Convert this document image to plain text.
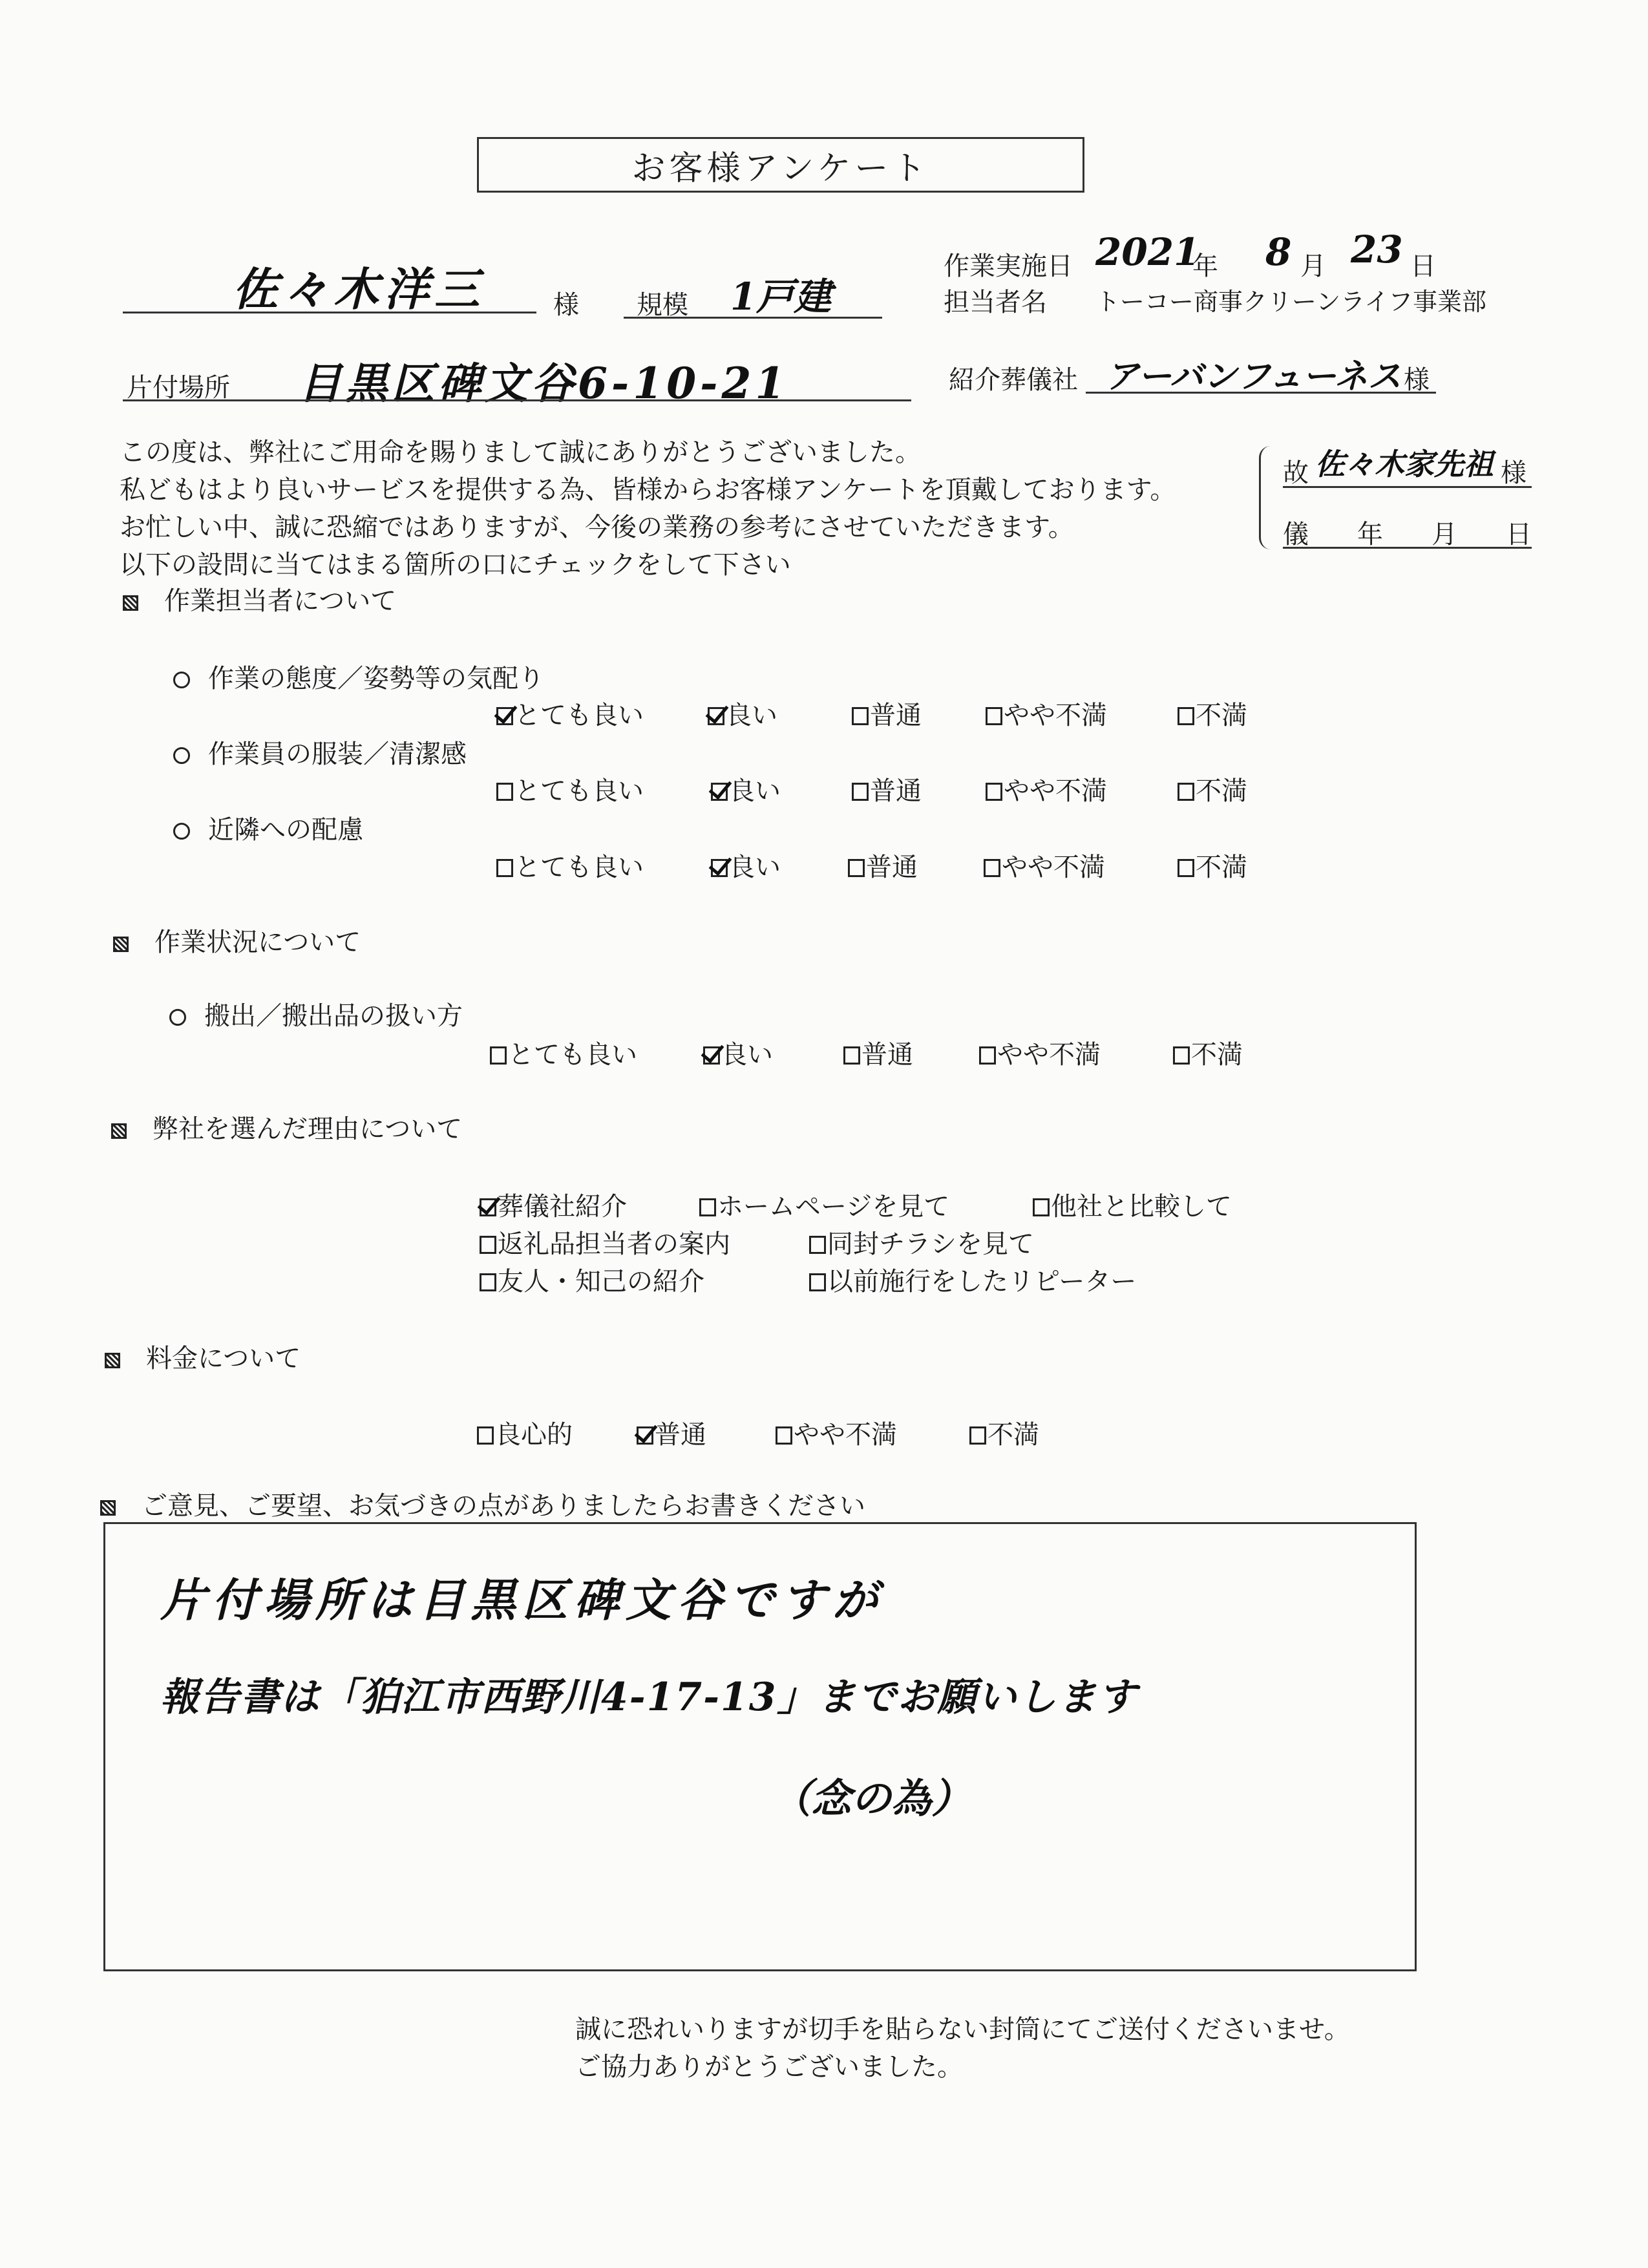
お客様アンケート
佐々木洋三	様 規模 1戸建
作業実施日 2021
年 8 月 23 日
担当者名 トーコー商事クリーンライフ事業部
片付場所 目黒区碑文谷6-10-21	紹介葬儀社 アーバンフューネス 様
故 佐々木家先祖 様
儀 年 月 日
この度は、弊社にご用命を賜りまして誠にありがとうございました。
私どもはより良いサービスを提供する為、皆様からお客様アンケートを頂戴しております。
お忙しい中、誠に恐縮ではありますが、今後の業務の参考にさせていただきます。
以下の設問に当てはまる箇所の口にチェックをして下さい
作業担当者について
作業の態度／姿勢等の気配り
とても良い	良い	普通	やや不満	不満
作業員の服装／清潔感
とても良い	良い	普通	やや不満	不満
近隣への配慮
とても良い	良い	普通	やや不満	不満
作業状況について
搬出／搬出品の扱い方
とても良い	良い	普通	やや不満	不満
弊社を選んだ理由について
葬儀社紹介	ホームページを見て	他社と比較して
返礼品担当者の案内	同封チラシを見て
友人・知己の紹介	以前施行をしたリピーター
料金について
良心的	普通	やや不満	不満
ご意見、ご要望、お気づきの点がありましたらお書きください
片付場所は目黒区碑文谷ですが
報告書は「狛江市西野川4-17-13」までお願いします
（念の為）
誠に恐れいりますが切手を貼らない封筒にてご送付くださいませ。
ご協力ありがとうございました。
